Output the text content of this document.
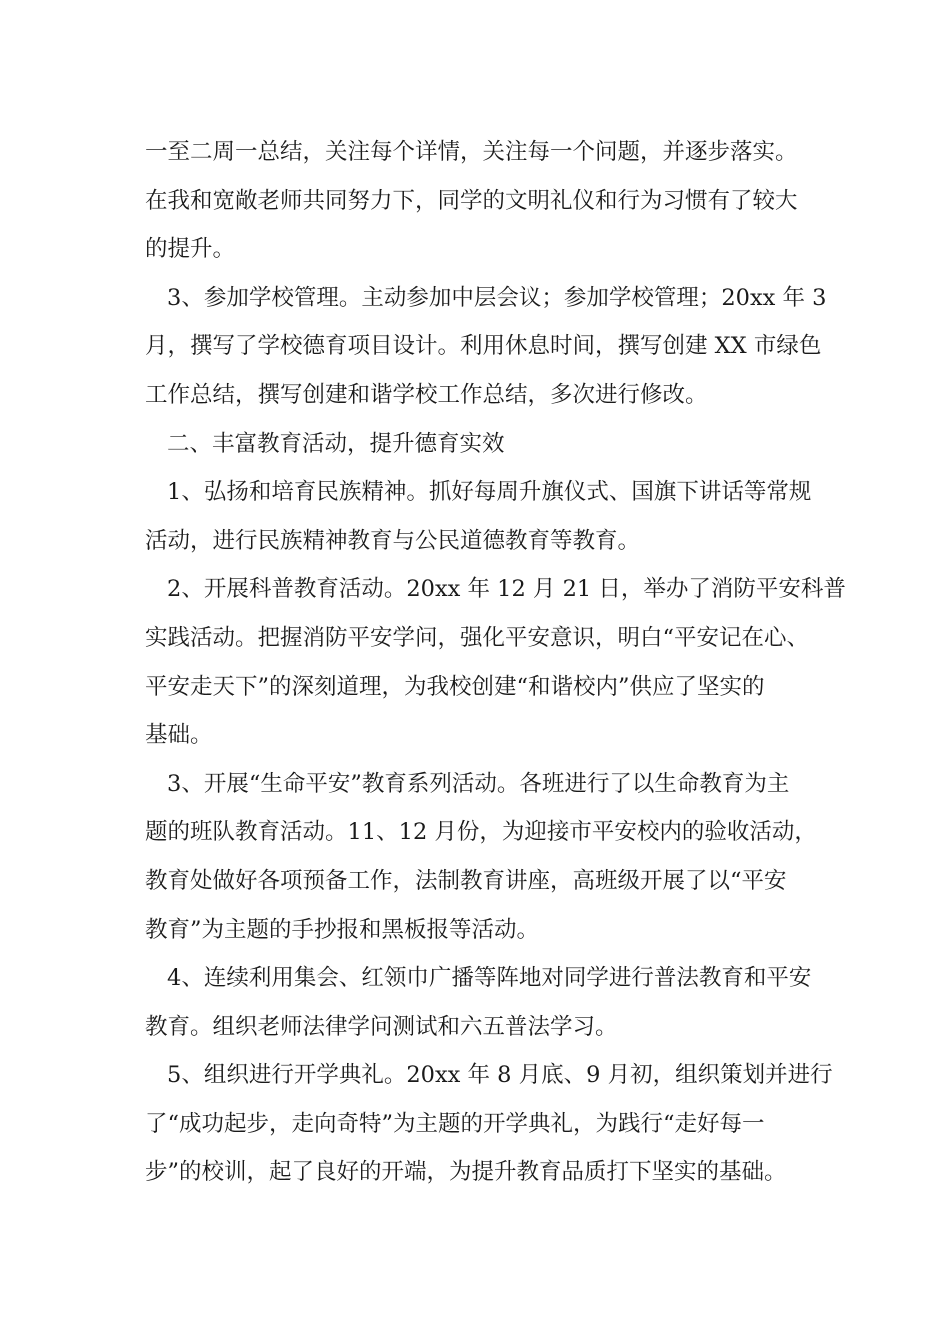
一至二周一总结，关注每个详情，关注每一个问题，并逐步落实。
在我和宽敞老师共同努力下，同学的文明礼仪和行为习惯有了较大
的提升。
3、参加学校管理。主动参加中层会议；参加学校管理；20xx 年 3
月，撰写了学校德育项目设计。利用休息时间，撰写创建 XX 市绿色
工作总结，撰写创建和谐学校工作总结，多次进行修改。
二、丰富教育活动，提升德育实效
1、弘扬和培育民族精神。抓好每周升旗仪式、国旗下讲话等常规
活动，进行民族精神教育与公民道德教育等教育。
2、开展科普教育活动。20xx 年 12 月 21 日，举办了消防平安科普
实践活动。把握消防平安学问，强化平安意识，明白“平安记在心、
平安走天下”的深刻道理，为我校创建“和谐校内”供应了坚实的
基础。
3、开展“生命平安”教育系列活动。各班进行了以生命教育为主
题的班队教育活动。11、12 月份，为迎接市平安校内的验收活动，
教育处做好各项预备工作，法制教育讲座，高班级开展了以“平安
教育”为主题的手抄报和黑板报等活动。
4、连续利用集会、红领巾广播等阵地对同学进行普法教育和平安
教育。组织老师法律学问测试和六五普法学习。
5、组织进行开学典礼。20xx 年 8 月底、9 月初，组织策划并进行
了“成功起步，走向奇特”为主题的开学典礼，为践行“走好每一
步”的校训，起了良好的开端，为提升教育品质打下坚实的基础。
